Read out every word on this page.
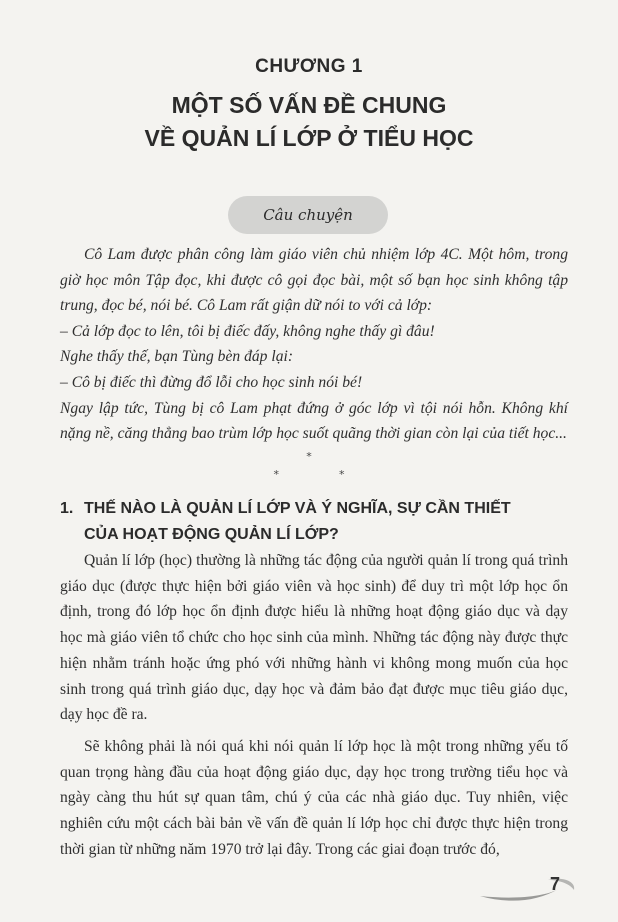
CHƯƠNG 1
MỘT SỐ VẤN ĐỀ CHUNG
VỀ QUẢN LÍ LỚP Ở TIỂU HỌC
Câu chuyện

Cô Lam được phân công làm giáo viên chủ nhiệm lớp 4C. Một hôm, trong giờ học môn Tập đọc, khi được cô gọi đọc bài, một số bạn học sinh không tập trung, đọc bé, nói bé. Cô Lam rất giận dữ nói to với cả lớp:

– Cả lớp đọc to lên, tôi bị điếc đấy, không nghe thấy gì đâu!

Nghe thấy thế, bạn Tùng bèn đáp lại:

– Cô bị điếc thì đừng đổ lỗi cho học sinh nói bé!

Ngay lập tức, Tùng bị cô Lam phạt đứng ở góc lớp vì tội nói hỗn. Không khí nặng nề, căng thẳng bao trùm lớp học suốt quãng thời gian còn lại của tiết học...

*
**
1. THẾ NÀO LÀ QUẢN LÍ LỚP VÀ Ý NGHĨA, SỰ CẦN THIẾT
CỦA HOẠT ĐỘNG QUẢN LÍ LỚP?

Quản lí lớp (học) thường là những tác động của người quản lí trong quá trình giáo dục (được thực hiện bởi giáo viên và học sinh) để duy trì một lớp học ổn định, trong đó lớp học ổn định được hiểu là những hoạt động giáo dục và dạy học mà giáo viên tổ chức cho học sinh của mình. Những tác động này được thực hiện nhằm tránh hoặc ứng phó với những hành vi không mong muốn của học sinh trong quá trình giáo dục, dạy học và đảm bảo đạt được mục tiêu giáo dục, dạy học đề ra.

Sẽ không phải là nói quá khi nói quản lí lớp học là một trong những yếu tố quan trọng hàng đầu của hoạt động giáo dục, dạy học trong trường tiểu học và ngày càng thu hút sự quan tâm, chú ý của các nhà giáo dục. Tuy nhiên, việc nghiên cứu một cách bài bản về vấn đề quản lí lớp học chỉ được thực hiện trong thời gian từ những năm 1970 trở lại đây. Trong các giai đoạn trước đó,

7
